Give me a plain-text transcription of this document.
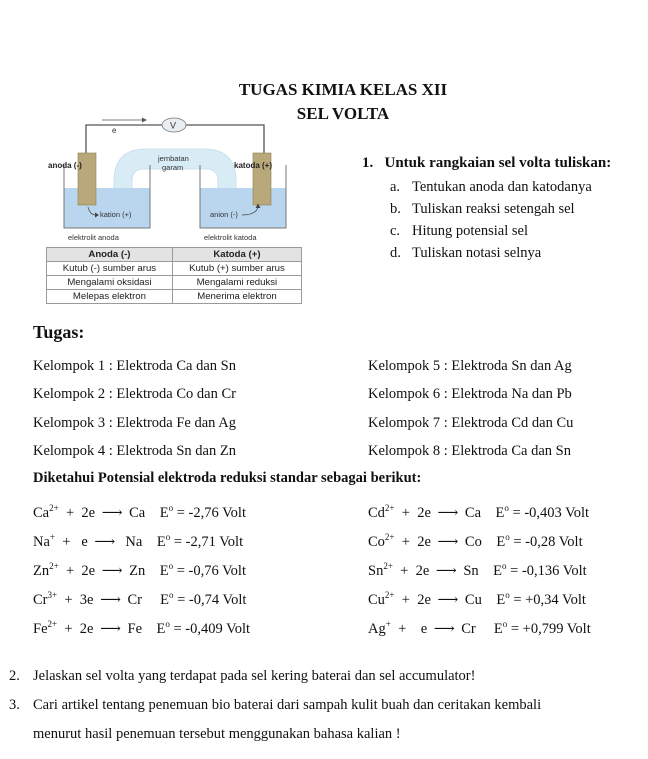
TUGAS KIMIA KELAS XII
SEL VOLTA
e	V
jembatan
garam
anoda (-)	katoda (+)
kation (+)	anion (-)
elektrolit anoda	elektrolit katoda
Anoda (-)	Katoda (+)
Kutub (-) sumber arus	Kutub (+) sumber arus
Mengalami oksidasi	Mengalami reduksi
Melepas elektron	Menerima elektron
1.   Untuk rangkaian sel volta tuliskan:
a. Tentukan anoda dan katodanya
b. Tuliskan reaksi setengah sel
c. Hitung potensial sel
d. Tuliskan notasi selnya
Tugas:
Kelompok 1 : Elektroda Ca dan Sn
Kelompok 2 : Elektroda Co dan Cr
Kelompok 3 : Elektroda Fe dan Ag
Kelompok 4 : Elektroda Sn dan Zn
Kelompok 5 : Elektroda Sn dan Ag
Kelompok 6 : Elektroda Na dan Pb
Kelompok 7 : Elektroda Cd dan Cu
Kelompok 8 : Elektroda Ca dan Sn
Diketahui Potensial elektroda reduksi standar sebagai berikut:
$Ca^{2+} + 2e$ ⟶ Ca    $E^o = -2,76$ Volt
Na+  +   e ⟶  Na    $E^o = -2,71$ Volt
$Zn^{2+} + 2e$ ⟶ Zn    $E^o = -0,76$ Volt
$Cr^{3+} + 3e$ ⟶ Cr     $E^o = -0,74$ Volt
$Fe^{2+} + 2e$ ⟶ Fe    $E^o = -0,409$ Volt
$Cd^{2+} + 2e$ ⟶ Ca    $E^o = -0,403$ Volt
$Co^{2+} + 2e$ ⟶ Co    $E^o = -0,28$ Volt
$Sn^{2+} + 2e$ ⟶ Sn    $E^o = -0,136$ Volt
$Cu^{2+} + 2e$ ⟶ Cu    $E^o = +0,34$ Volt
Ag+  +    e ⟶ Cr     $E^o = +0,799$ Volt
2. Jelaskan sel volta yang terdapat pada sel kering baterai dan sel accumulator!
3. Cari artikel tentang penemuan bio baterai dari sampah kulit buah dan ceritakan kembali
menurut hasil penemuan tersebut menggunakan bahasa kalian !
